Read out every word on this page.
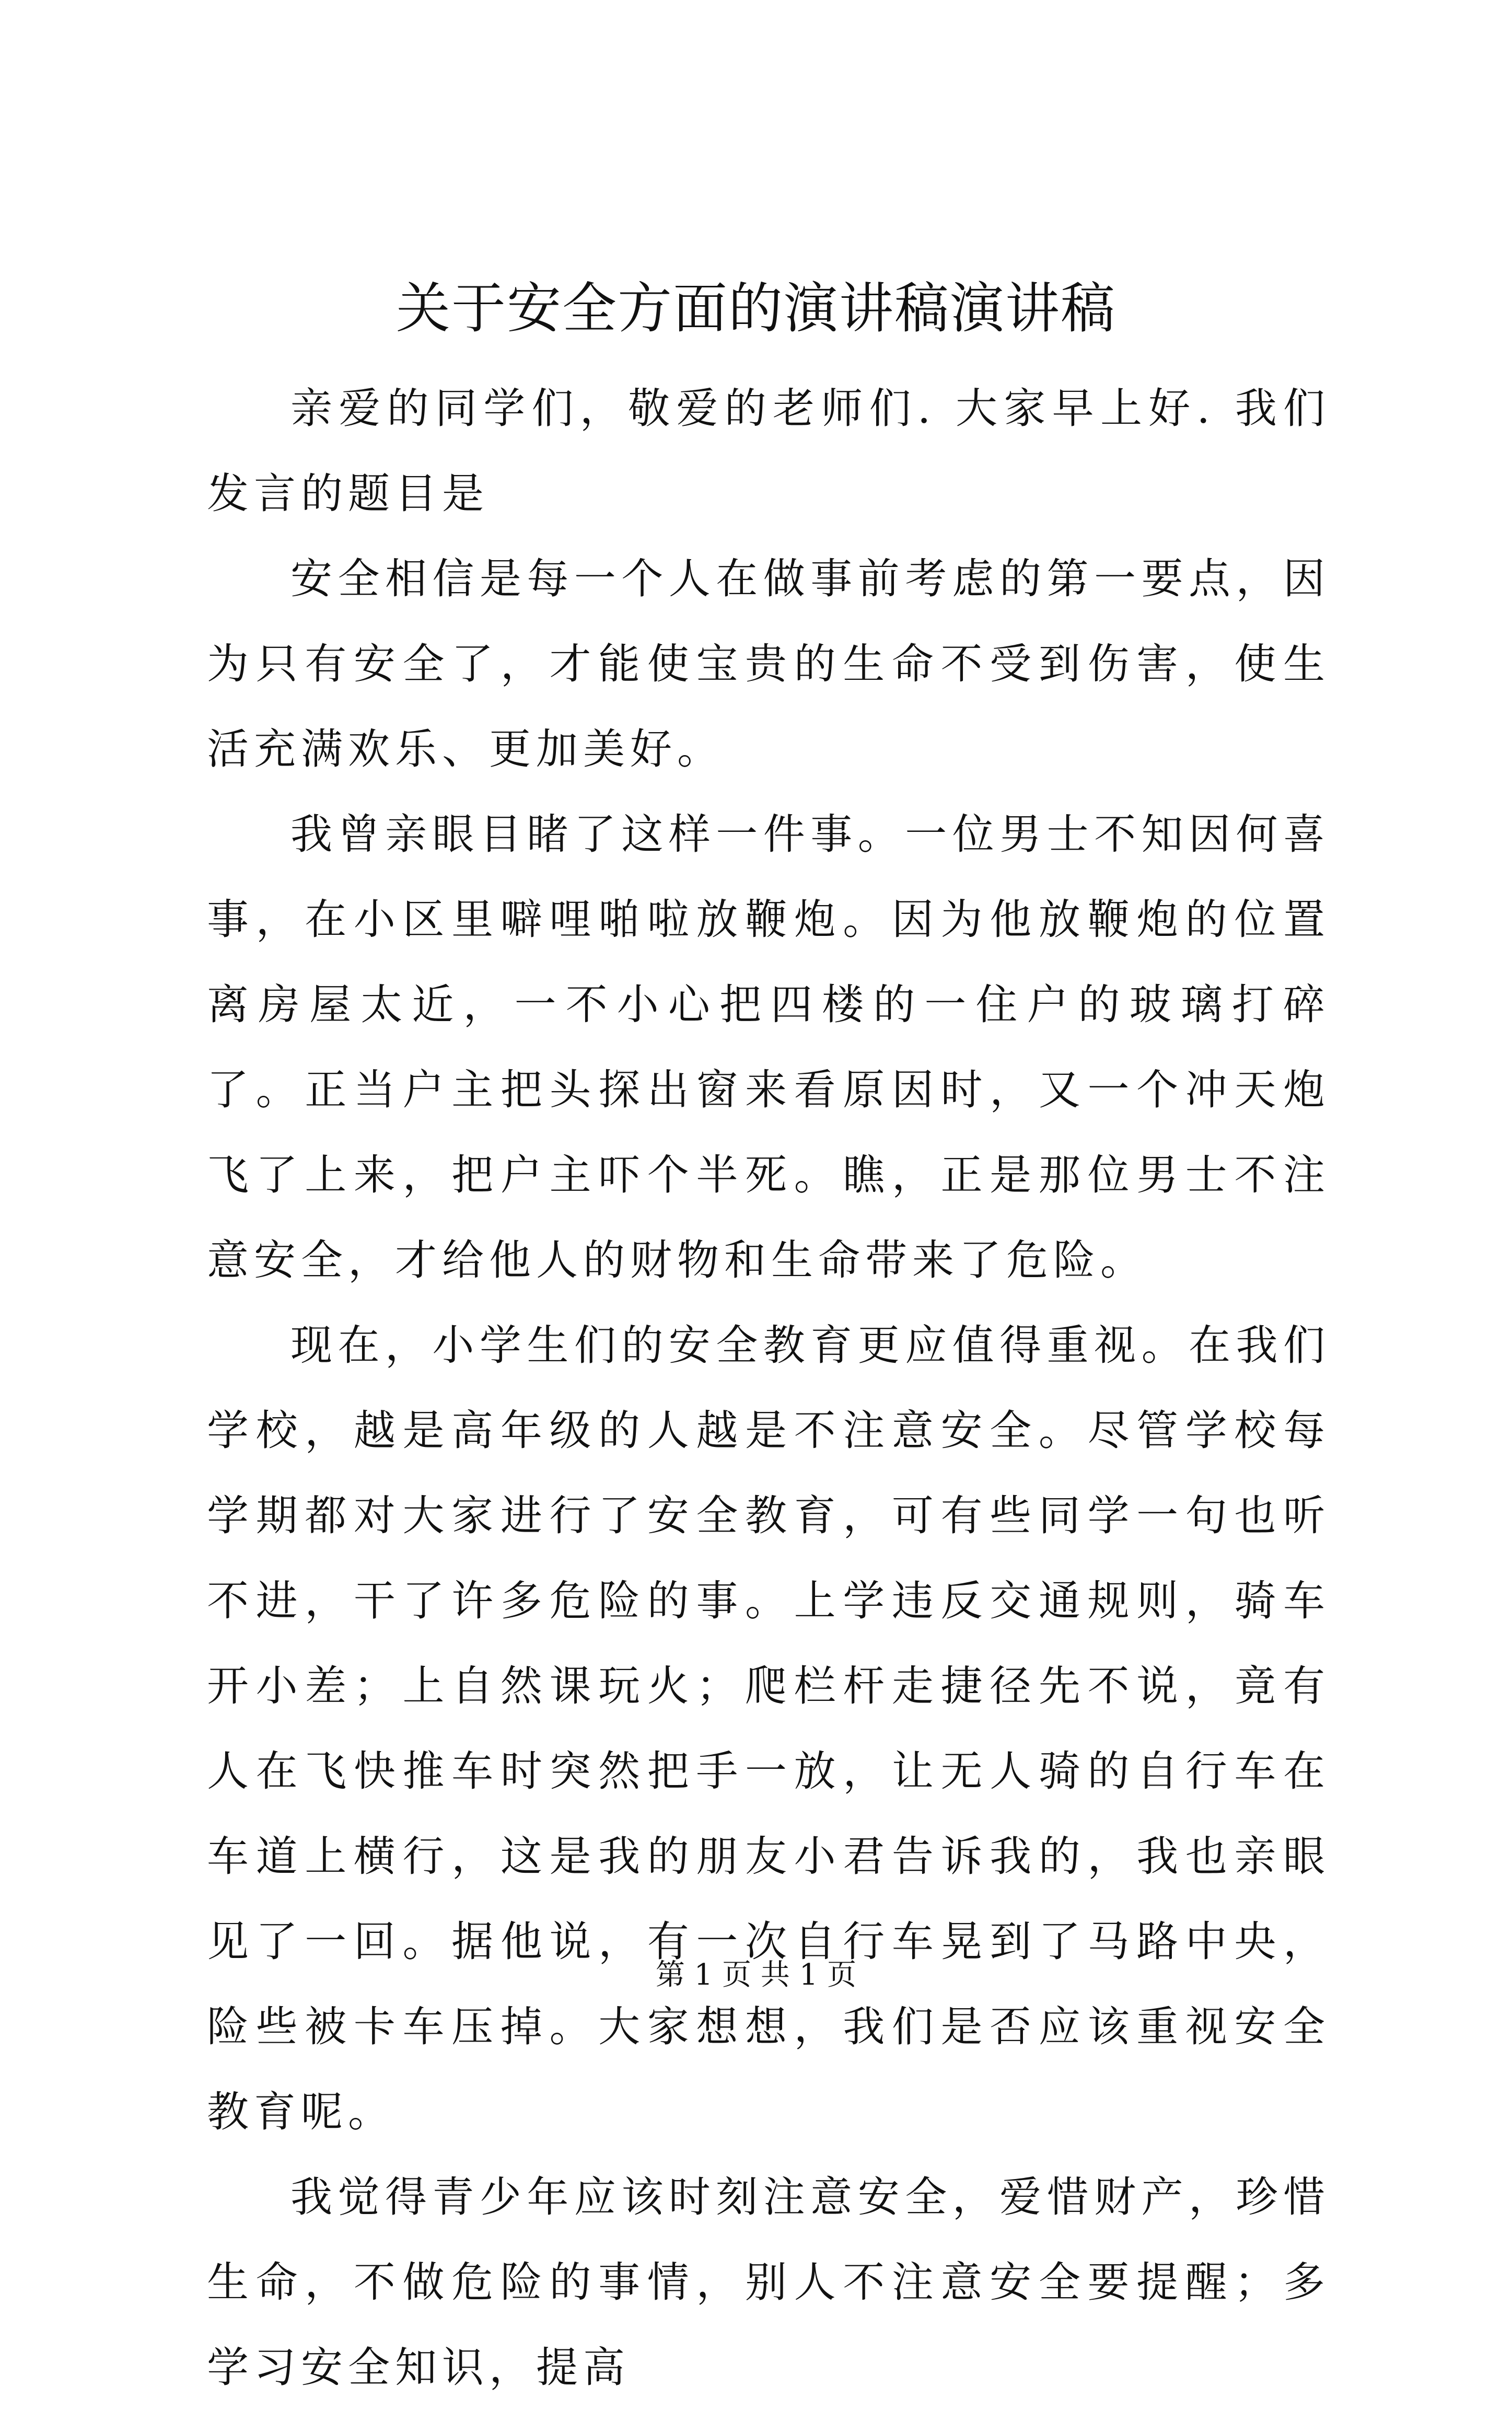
关于安全方面的演讲稿演讲稿

亲爱的同学们，敬爱的老师们. 大家早上好. 我们发言的题目是

安全相信是每一个人在做事前考虑的第一要点，因为只有安全了，才能使宝贵的生命不受到伤害，使生活充满欢乐、更加美好。

我曾亲眼目睹了这样一件事。一位男士不知因何喜事，在小区里噼哩啪啦放鞭炮。因为他放鞭炮的位置离房屋太近，一不小心把四楼的一住户的玻璃打碎了。正当户主把头探出窗来看原因时，又一个冲天炮飞了上来，把户主吓个半死。瞧，正是那位男士不注意安全，才给他人的财物和生命带来了危险。

现在，小学生们的安全教育更应值得重视。在我们学校，越是高年级的人越是不注意安全。尽管学校每学期都对大家进行了安全教育，可有些同学一句也听不进，干了许多危险的事。上学违反交通规则，骑车开小差；上自然课玩火；爬栏杆走捷径先不说，竟有人在飞快推车时突然把手一放，让无人骑的自行车在车道上横行，这是我的朋友小君告诉我的，我也亲眼见了一回。据他说，有一次自行车晃到了马路中央，险些被卡车压掉。大家想想，我们是否应该重视安全教育呢。

我觉得青少年应该时刻注意安全，爱惜财产，珍惜生命，不做危险的事情，别人不注意安全要提醒；多学习安全知识，提高

第 1 页 共 1 页
